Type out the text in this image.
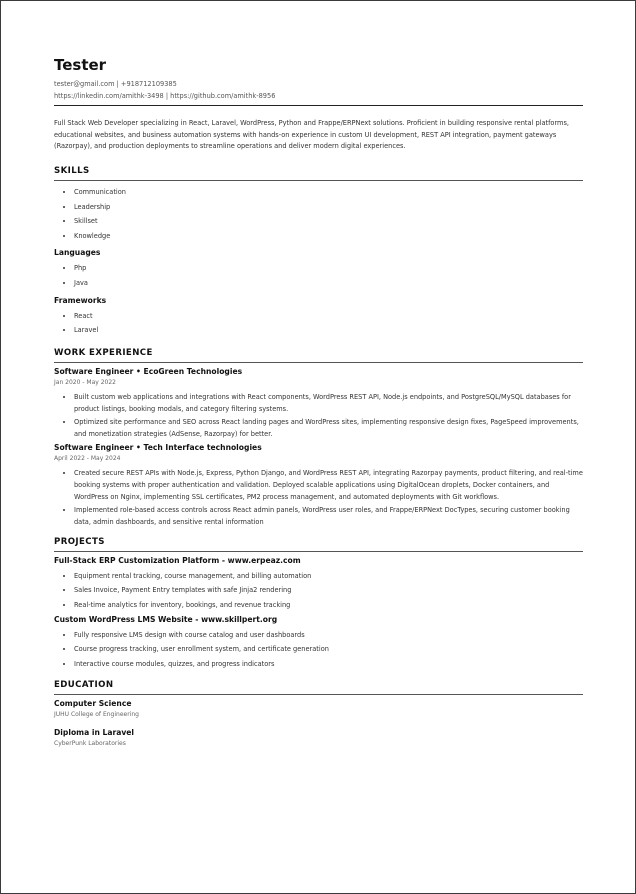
Tester
tester@gmail.com | +918712109385
https://linkedin.com/amithk-3498 | https://github.com/amithk-8956
Full Stack Web Developer specializing in React, Laravel, WordPress, Python and Frappe/ERPNext solutions. Proficient in building responsive rental platforms, educational websites, and business automation systems with hands-on experience in custom UI development, REST API integration, payment gateways (Razorpay), and production deployments to streamline operations and deliver modern digital experiences.
SKILLS
• Communication
• Leadership
• Skillset
• Knowledge
Languages
• Php
• Java
Frameworks
• React
• Laravel
WORK EXPERIENCE
Software Engineer • EcoGreen Technologies
Jan 2020 - May 2022
• Built custom web applications and integrations with React components, WordPress REST API, Node.js endpoints, and PostgreSQL/MySQL databases for product listings, booking modals, and category filtering systems.
• Optimized site performance and SEO across React landing pages and WordPress sites, implementing responsive design fixes, PageSpeed improvements, and monetization strategies (AdSense, Razorpay) for better.
Software Engineer • Tech Interface technologies
April 2022 - May 2024
• Created secure REST APIs with Node.js, Express, Python Django, and WordPress REST API, integrating Razorpay payments, product filtering, and real-time booking systems with proper authentication and validation. Deployed scalable applications using DigitalOcean droplets, Docker containers, and WordPress on Nginx, implementing SSL certificates, PM2 process management, and automated deployments with Git workflows.
• Implemented role-based access controls across React admin panels, WordPress user roles, and Frappe/ERPNext DocTypes, securing customer booking data, admin dashboards, and sensitive rental information
PROJECTS
Full-Stack ERP Customization Platform - www.erpeaz.com
• Equipment rental tracking, course management, and billing automation
• Sales Invoice, Payment Entry templates with safe Jinja2 rendering
• Real-time analytics for inventory, bookings, and revenue tracking
Custom WordPress LMS Website - www.skillpert.org
• Fully responsive LMS design with course catalog and user dashboards
• Course progress tracking, user enrollment system, and certificate generation
• Interactive course modules, quizzes, and progress indicators
EDUCATION
Computer Science
JUHU College of Engineering
Diploma in Laravel
CyberPunk Laboratories
